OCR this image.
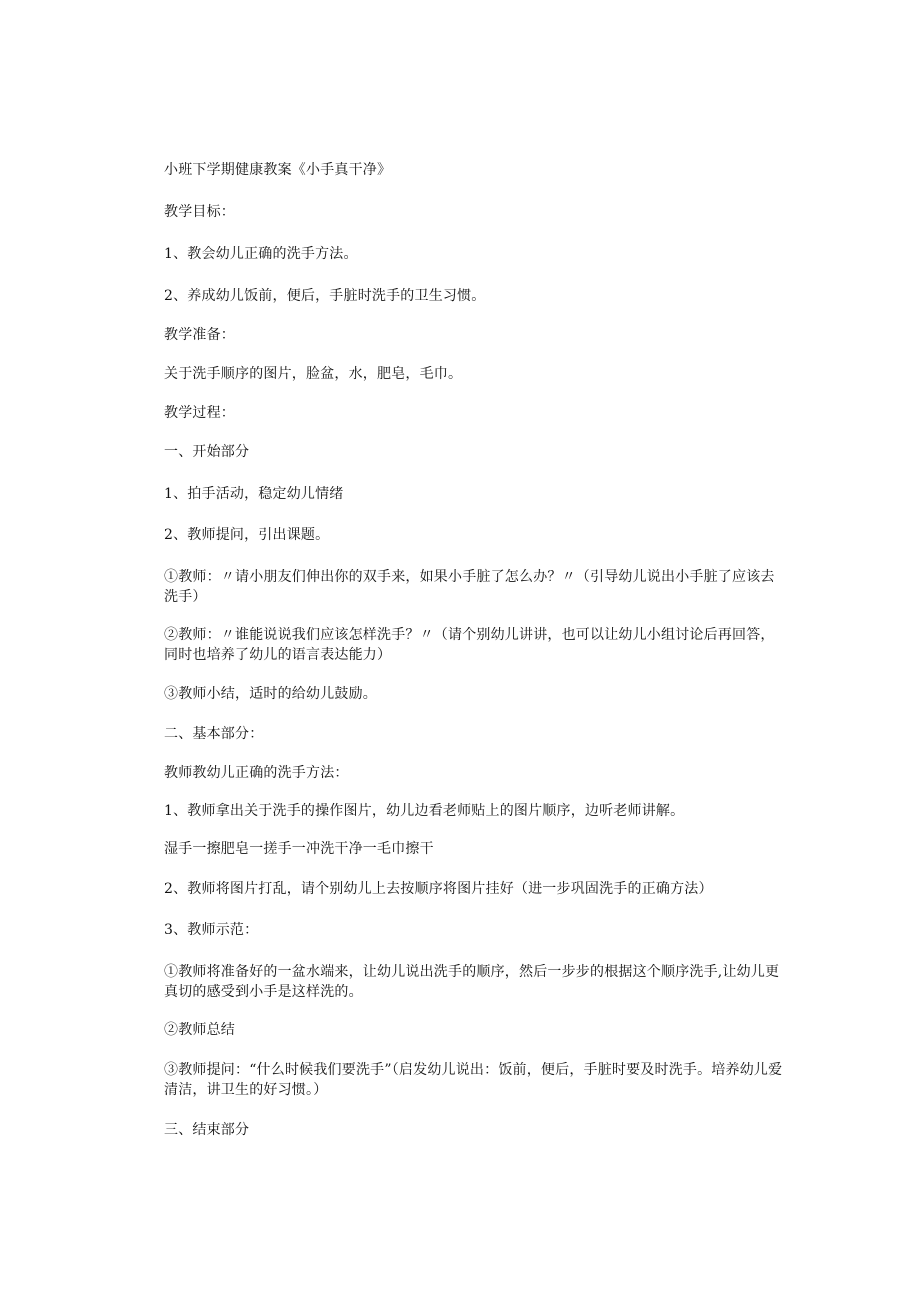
小班下学期健康教案《小手真干净》
教学目标：
1、教会幼儿正确的洗手方法。
2、养成幼儿饭前，便后，手脏时洗手的卫生习惯。
教学准备：
关于洗手顺序的图片，脸盆，水，肥皂，毛巾。
教学过程：
一、开始部分
1、拍手活动，稳定幼儿情绪
2、教师提问，引出课题。
①教师：〃请小朋友们伸出你的双手来，如果小手脏了怎么办？〃（引导幼儿说出小手脏了应该去洗手）
②教师：〃谁能说说我们应该怎样洗手？〃（请个别幼儿讲讲，也可以让幼儿小组讨论后再回答，同时也培养了幼儿的语言表达能力）
③教师小结，适时的给幼儿鼓励。
二、基本部分：
教师教幼儿正确的洗手方法：
1、教师拿出关于洗手的操作图片，幼儿边看老师贴上的图片顺序，边听老师讲解。
湿手一擦肥皂一搓手一冲洗干净一毛巾擦干
2、教师将图片打乱，请个别幼儿上去按顺序将图片挂好（进一步巩固洗手的正确方法）
3、教师示范：
①教师将准备好的一盆水端来，让幼儿说出洗手的顺序，然后一步步的根据这个顺序洗手,让幼儿更真切的感受到小手是这样洗的。
②教师总结
③教师提问：“什么时候我们要洗手”（启发幼儿说出：饭前，便后，手脏时要及时洗手。培养幼儿爱清洁，讲卫生的好习惯。）
三、结束部分
